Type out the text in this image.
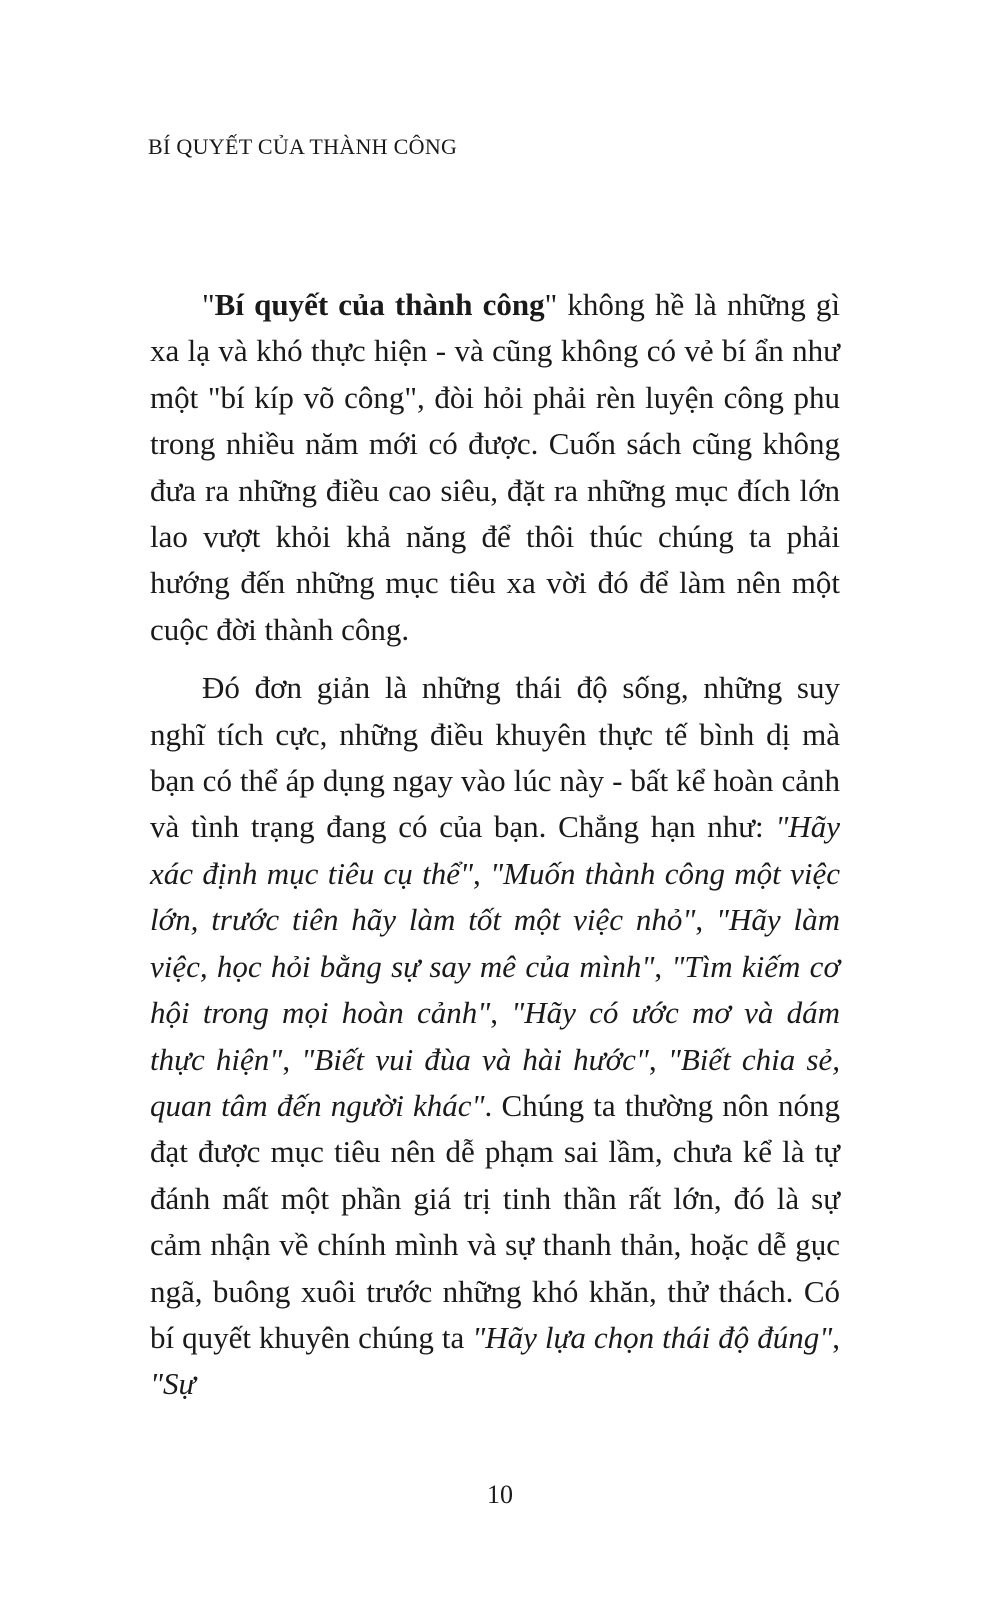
BÍ QUYẾT CỦA THÀNH CÔNG

"Bí quyết của thành công" không hề là những gì xa lạ và khó thực hiện - và cũng không có vẻ bí ẩn như một "bí kíp võ công", đòi hỏi phải rèn luyện công phu trong nhiều năm mới có được. Cuốn sách cũng không đưa ra những điều cao siêu, đặt ra những mục đích lớn lao vượt khỏi khả năng để thôi thúc chúng ta phải hướng đến những mục tiêu xa vời đó để làm nên một cuộc đời thành công.

Đó đơn giản là những thái độ sống, những suy nghĩ tích cực, những điều khuyên thực tế bình dị mà bạn có thể áp dụng ngay vào lúc này - bất kể hoàn cảnh và tình trạng đang có của bạn. Chẳng hạn như: "Hãy xác định mục tiêu cụ thể", "Muốn thành công một việc lớn, trước tiên hãy làm tốt một việc nhỏ", "Hãy làm việc, học hỏi bằng sự say mê của mình", "Tìm kiếm cơ hội trong mọi hoàn cảnh", "Hãy có ước mơ và dám thực hiện", "Biết vui đùa và hài hước", "Biết chia sẻ, quan tâm đến người khác". Chúng ta thường nôn nóng đạt được mục tiêu nên dễ phạm sai lầm, chưa kể là tự đánh mất một phần giá trị tinh thần rất lớn, đó là sự cảm nhận về chính mình và sự thanh thản, hoặc dễ gục ngã, buông xuôi trước những khó khăn, thử thách. Có bí quyết khuyên chúng ta "Hãy lựa chọn thái độ đúng", "Sự

10
